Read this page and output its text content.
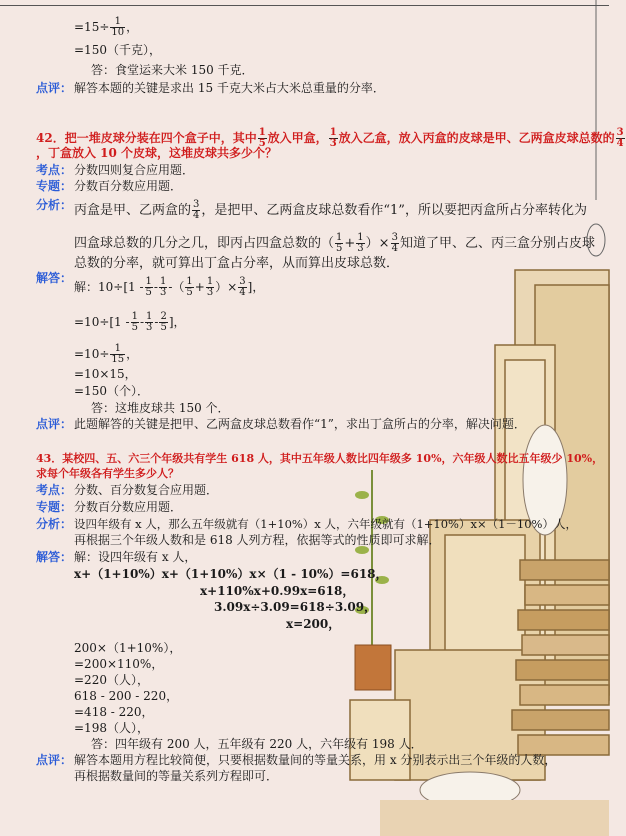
$=15\div \frac{1}{10}$ ，
=150（千克），
答：食堂运来大米 150 千克．
点评： 解答本题的关键是求出 15 千克大米占大米总重量的分率．
42．把一堆皮球分装在四个盒子中，其中 $\frac{1}{5}$ 放入甲盒， $\frac{1}{3}$ 放入乙盒，放入丙盒的皮球是甲、乙两盒皮球总数的 $\frac{3}{4}$
，丁盒放入 10 个皮球，这堆皮球共多少个？
考点： 分数四则复合应用题．
专题： 分数百分数应用题．
分析： 丙盒是甲、乙两盒的 $\frac{3}{4}$ ，是把甲、乙两盒皮球总数看作“1”，所以要把丙盒所占分率转化为
四盒球总数的几分之几，即丙占四盒总数的（ $\frac{1}{5} + \frac{1}{3}$ ）× $\frac{3}{4}$ 知道了甲、乙、丙三盒分别占皮球
总数的分率，就可算出丁盒占分率，从而算出皮球总数．
解答：
解：$10\div[1 - \frac{1}{5} - \frac{1}{3}$ -（ $\frac{1}{5} + \frac{1}{3}$ ）× $\frac{3}{4}$ ]，
$=10\div[1 - \frac{1}{5} - \frac{1}{3} - \frac{2}{5}$ ]，
$=10\div \frac{1}{15}$ ，
=10×15，
=150（个）．
答：这堆皮球共 150 个．
点评： 此题解答的关键是把甲、乙两盒皮球总数看作“1”，求出丁盒所占的分率，解决问题．
43．某校四、五、六三个年级共有学生 618 人，其中五年级人数比四年级多 10%，六年级人数比五年级少 10%，
求每个年级各有学生多少人？
考点： 分数、百分数复合应用题．
专题： 分数百分数应用题．
分析： 设四年级有 x 人，那么五年级就有（1+10%）x 人，六年级就有（1+10%）x×（1－10%）人，
再根据三个年级人数和是 618 人列方程，依据等式的性质即可求解．
解答： 解：设四年级有 x 人，
x+（1+10%）x+（1+10%）x×（1 - 10%）=618，
x+110%x+0.99x=618，
3.09x÷3.09=618÷3.09，
x=200，
200×（1+10%），
=200×110%，
=220（人），
618 - 200 - 220，
=418 - 220，
=198（人），
答：四年级有 200 人，五年级有 220 人，六年级有 198 人．
点评： 解答本题用方程比较简便，只要根据数量间的等量关系，用 x 分别表示出三个年级的人数，
再根据数量间的等量关系列方程即可．
